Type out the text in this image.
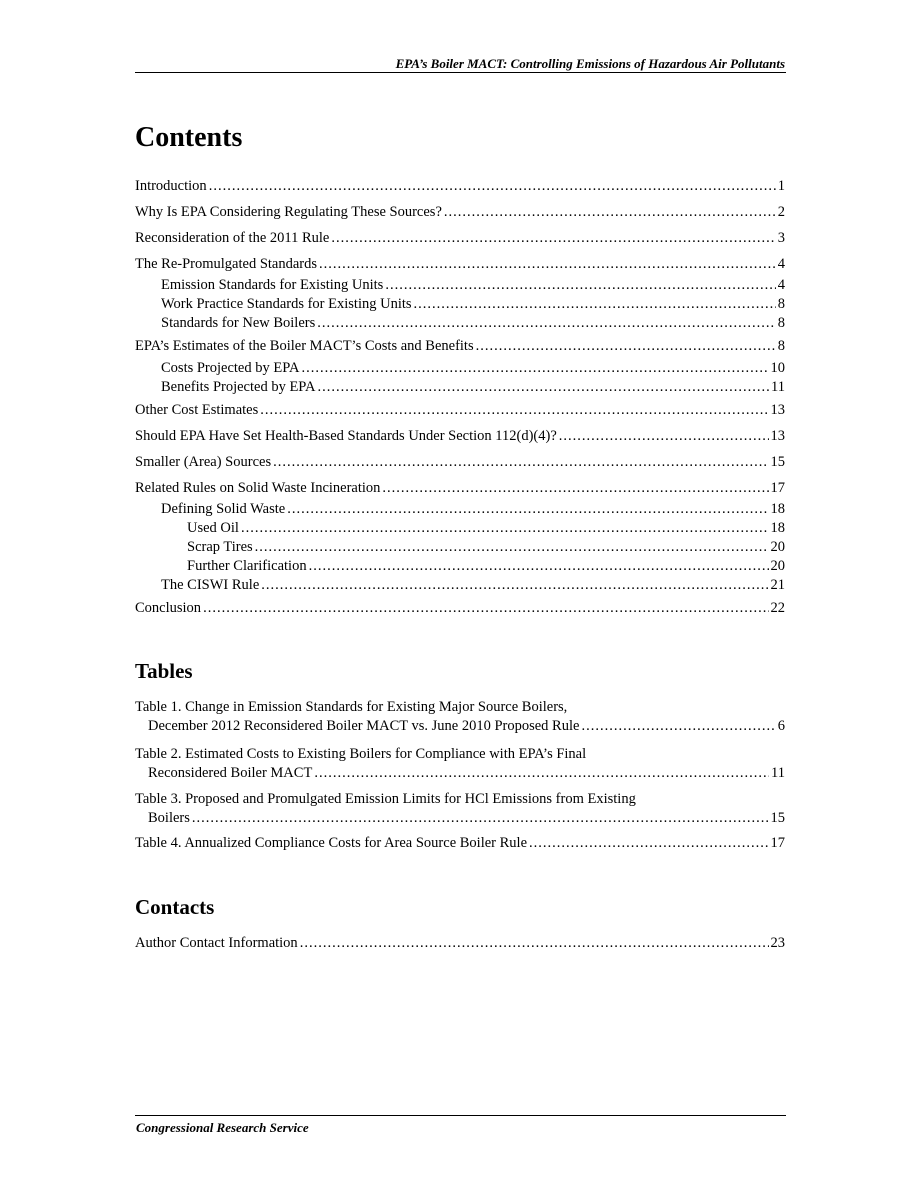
EPA’s Boiler MACT: Controlling Emissions of Hazardous Air Pollutants
Contents
Introduction .....	1
Why Is EPA Considering Regulating These Sources? .....	2
Reconsideration of the 2011 Rule .....	3
The Re-Promulgated Standards .....	4
Emission Standards for Existing Units .....	4
Work Practice Standards for Existing Units .....	8
Standards for New Boilers .....	8
EPA’s Estimates of the Boiler MACT’s Costs and Benefits .....	8
Costs Projected by EPA .....	10
Benefits Projected by EPA .....	11
Other Cost Estimates .....	13
Should EPA Have Set Health-Based Standards Under Section 112(d)(4)? .....	13
Smaller (Area) Sources .....	15
Related Rules on Solid Waste Incineration .....	17
Defining Solid Waste .....	18
Used Oil .....	18
Scrap Tires .....	20
Further Clarification .....	20
The CISWI Rule .....	21
Conclusion .....	22
Tables
Table 1. Change in Emission Standards for Existing Major Source Boilers,
December 2012 Reconsidered Boiler MACT vs. June 2010 Proposed Rule .....	6
Table 2. Estimated Costs to Existing Boilers for Compliance with EPA’s Final
Reconsidered Boiler MACT .....	11
Table 3. Proposed and Promulgated Emission Limits for HCl Emissions from Existing
Boilers .....	15
Table 4. Annualized Compliance Costs for Area Source Boiler Rule .....	17
Contacts
Author Contact Information .....	23
Congressional Research Service
